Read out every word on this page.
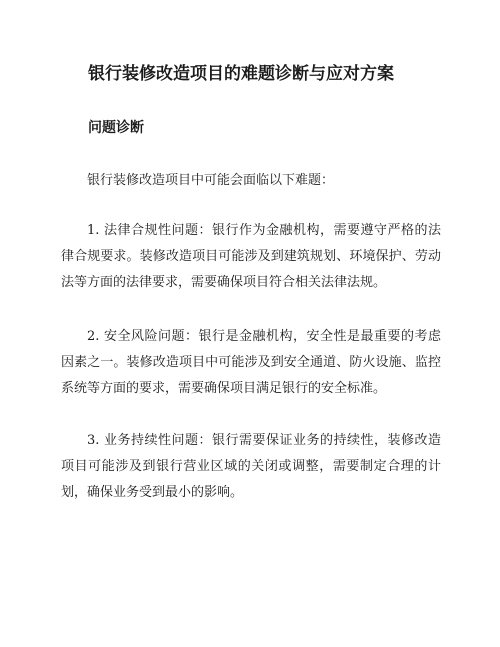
银行装修改造项目的难题诊断与应对方案
问题诊断

银行装修改造项目中可能会面临以下难题：

1. 法律合规性问题：银行作为金融机构，需要遵守严格的法律合规要求。装修改造项目可能涉及到建筑规划、环境保护、劳动法等方面的法律要求，需要确保项目符合相关法律法规。

2. 安全风险问题：银行是金融机构，安全性是最重要的考虑因素之一。装修改造项目中可能涉及到安全通道、防火设施、监控系统等方面的要求，需要确保项目满足银行的安全标准。

3. 业务持续性问题：银行需要保证业务的持续性，装修改造项目可能涉及到银行营业区域的关闭或调整，需要制定合理的计划，确保业务受到最小的影响。
